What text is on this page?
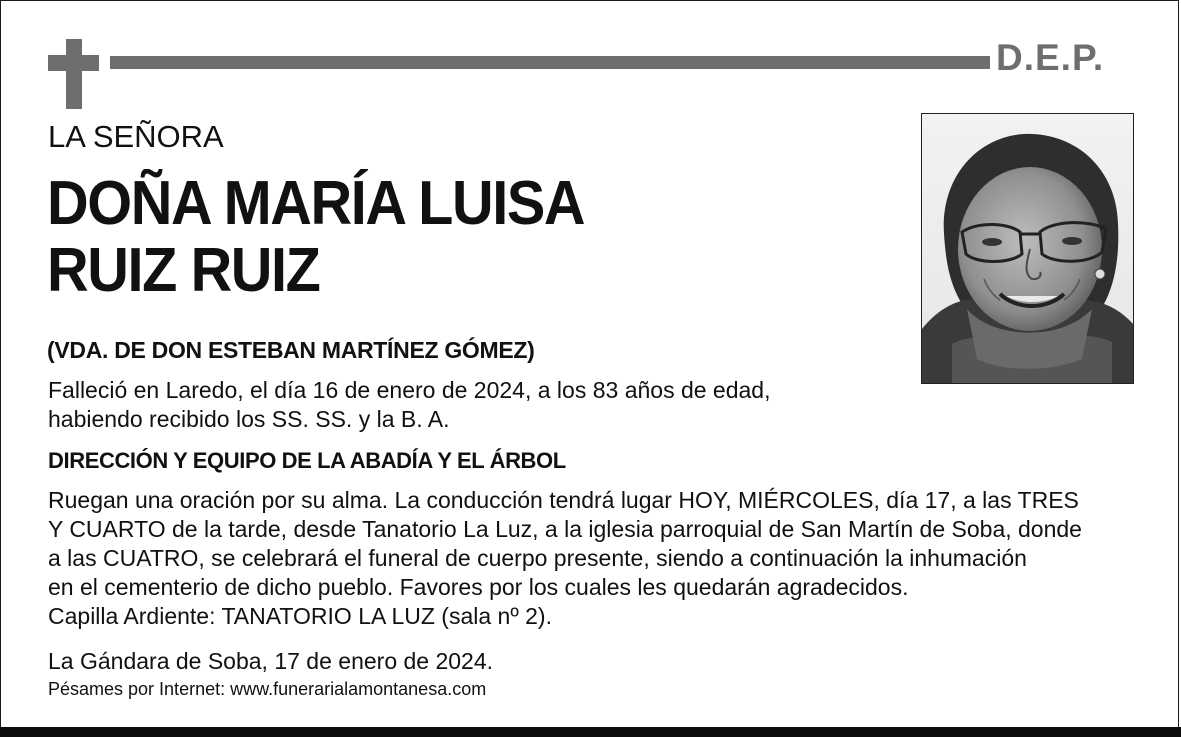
D.E.P.
LA SEÑORA
DOÑA MARÍA LUISA
RUIZ RUIZ
(VDA. DE DON ESTEBAN MARTÍNEZ GÓMEZ)
Falleció en Laredo, el día 16 de enero de 2024, a los 83 años de edad,
habiendo recibido los SS. SS. y la B. A.
DIRECCIÓN Y EQUIPO DE LA ABADÍA Y EL ÁRBOL
Ruegan una oración por su alma. La conducción tendrá lugar HOY, MIÉRCOLES, día 17, a las TRES
Y CUARTO de la tarde, desde Tanatorio La Luz, a la iglesia parroquial de San Martín de Soba, donde
a las CUATRO, se celebrará el funeral de cuerpo presente, siendo a continuación la inhumación
en el cementerio de dicho pueblo. Favores por los cuales les quedarán agradecidos.
Capilla Ardiente: TANATORIO LA LUZ (sala nº 2).
La Gándara de Soba, 17 de enero de 2024.
Pésames por Internet: www.funerarialamontanesa.com
